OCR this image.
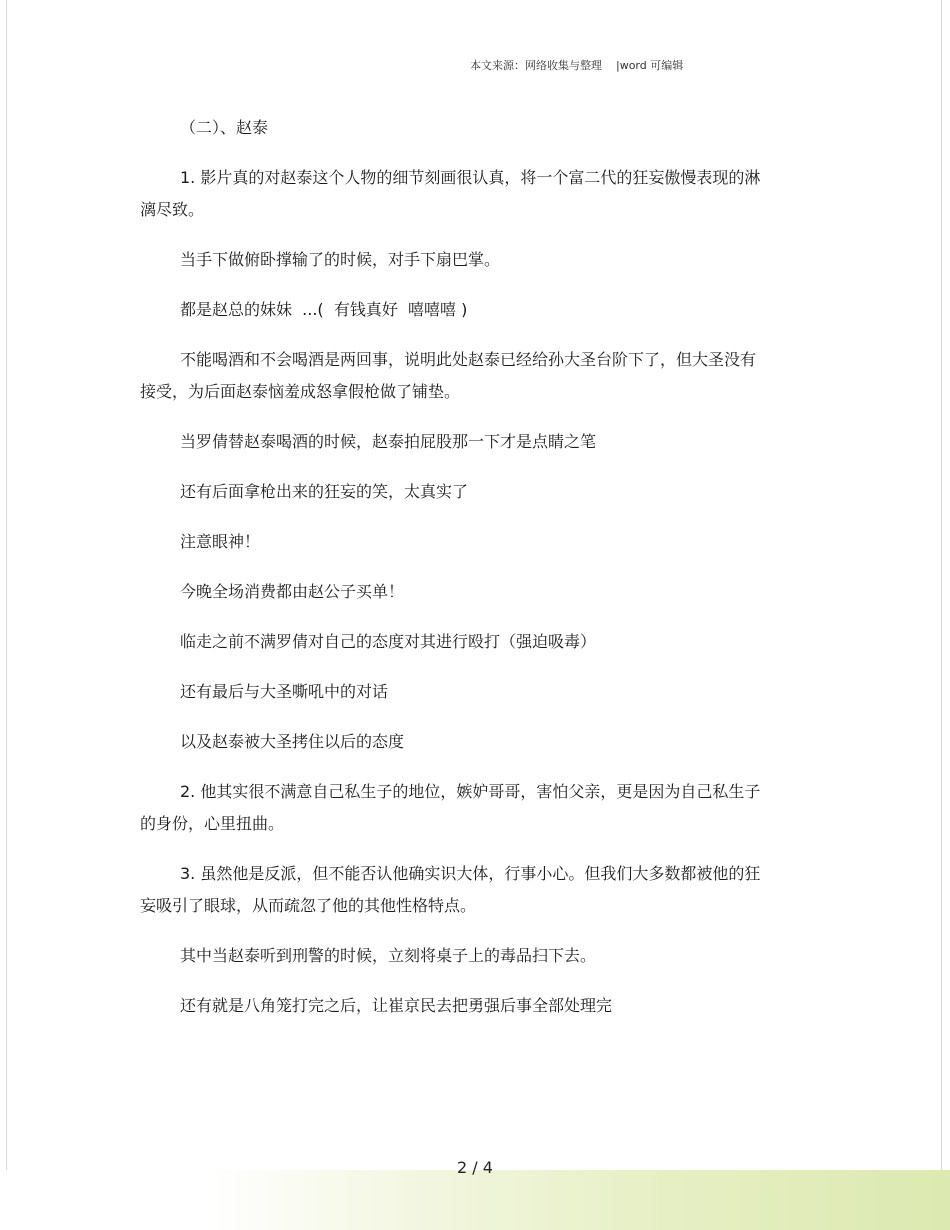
本文来源：网络收集与整理 |word 可编辑

（二）、赵泰

1. 影片真的对赵泰这个人物的细节刻画很认真，将一个富二代的狂妄傲慢表现的淋漓尽致。

当手下做俯卧撑输了的时候，对手下扇巴掌。

都是赵总的妹妹  ...(  有钱真好  嘻嘻嘻 )

不能喝酒和不会喝酒是两回事，说明此处赵泰已经给孙大圣台阶下了，但大圣没有接受，为后面赵泰恼羞成怒拿假枪做了铺垫。

当罗倩替赵泰喝酒的时候，赵泰拍屁股那一下才是点睛之笔

还有后面拿枪出来的狂妄的笑，太真实了

注意眼神！

今晚全场消费都由赵公子买单！

临走之前不满罗倩对自己的态度对其进行殴打（强迫吸毒）

还有最后与大圣嘶吼中的对话

以及赵泰被大圣拷住以后的态度

2. 他其实很不满意自己私生子的地位，嫉妒哥哥，害怕父亲，更是因为自己私生子的身份，心里扭曲。

3. 虽然他是反派，但不能否认他确实识大体，行事小心。但我们大多数都被他的狂妄吸引了眼球，从而疏忽了他的其他性格特点。

其中当赵泰听到刑警的时候，立刻将桌子上的毒品扫下去。

还有就是八角笼打完之后，让崔京民去把勇强后事全部处理完

2 / 4
